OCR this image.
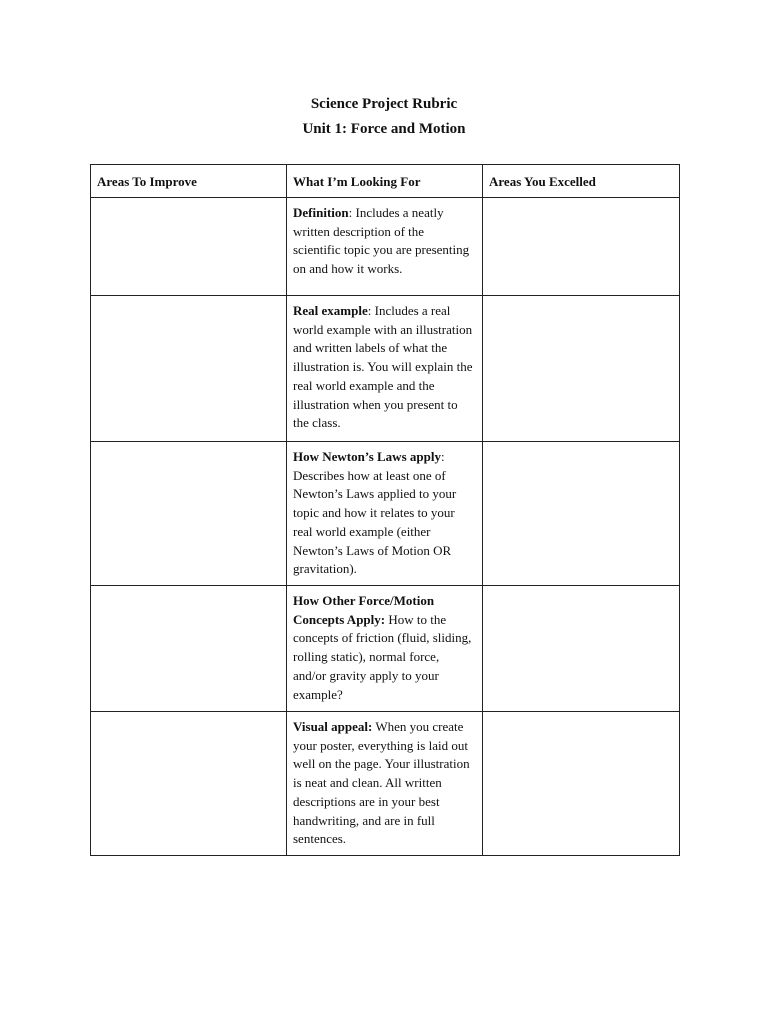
Science Project Rubric

Unit 1: Force and Motion

Areas To Improve	What I’m Looking For	Areas You Excelled
	Definition: Includes a neatly written description of the scientific topic you are presenting on and how it works.	
	Real example: Includes a real world example with an illustration and written labels of what the illustration is. You will explain the real world example and the illustration when you present to the class.	
	How Newton’s Laws apply: Describes how at least one of Newton’s Laws applied to your topic and how it relates to your real world example (either Newton’s Laws of Motion OR gravitation).	
	How Other Force/Motion Concepts Apply: How to the concepts of friction (fluid, sliding, rolling static), normal force, and/or gravity apply to your example?	
	Visual appeal: When you create your poster, everything is laid out well on the page. Your illustration is neat and clean. All written descriptions are in your best handwriting, and are in full sentences.	
